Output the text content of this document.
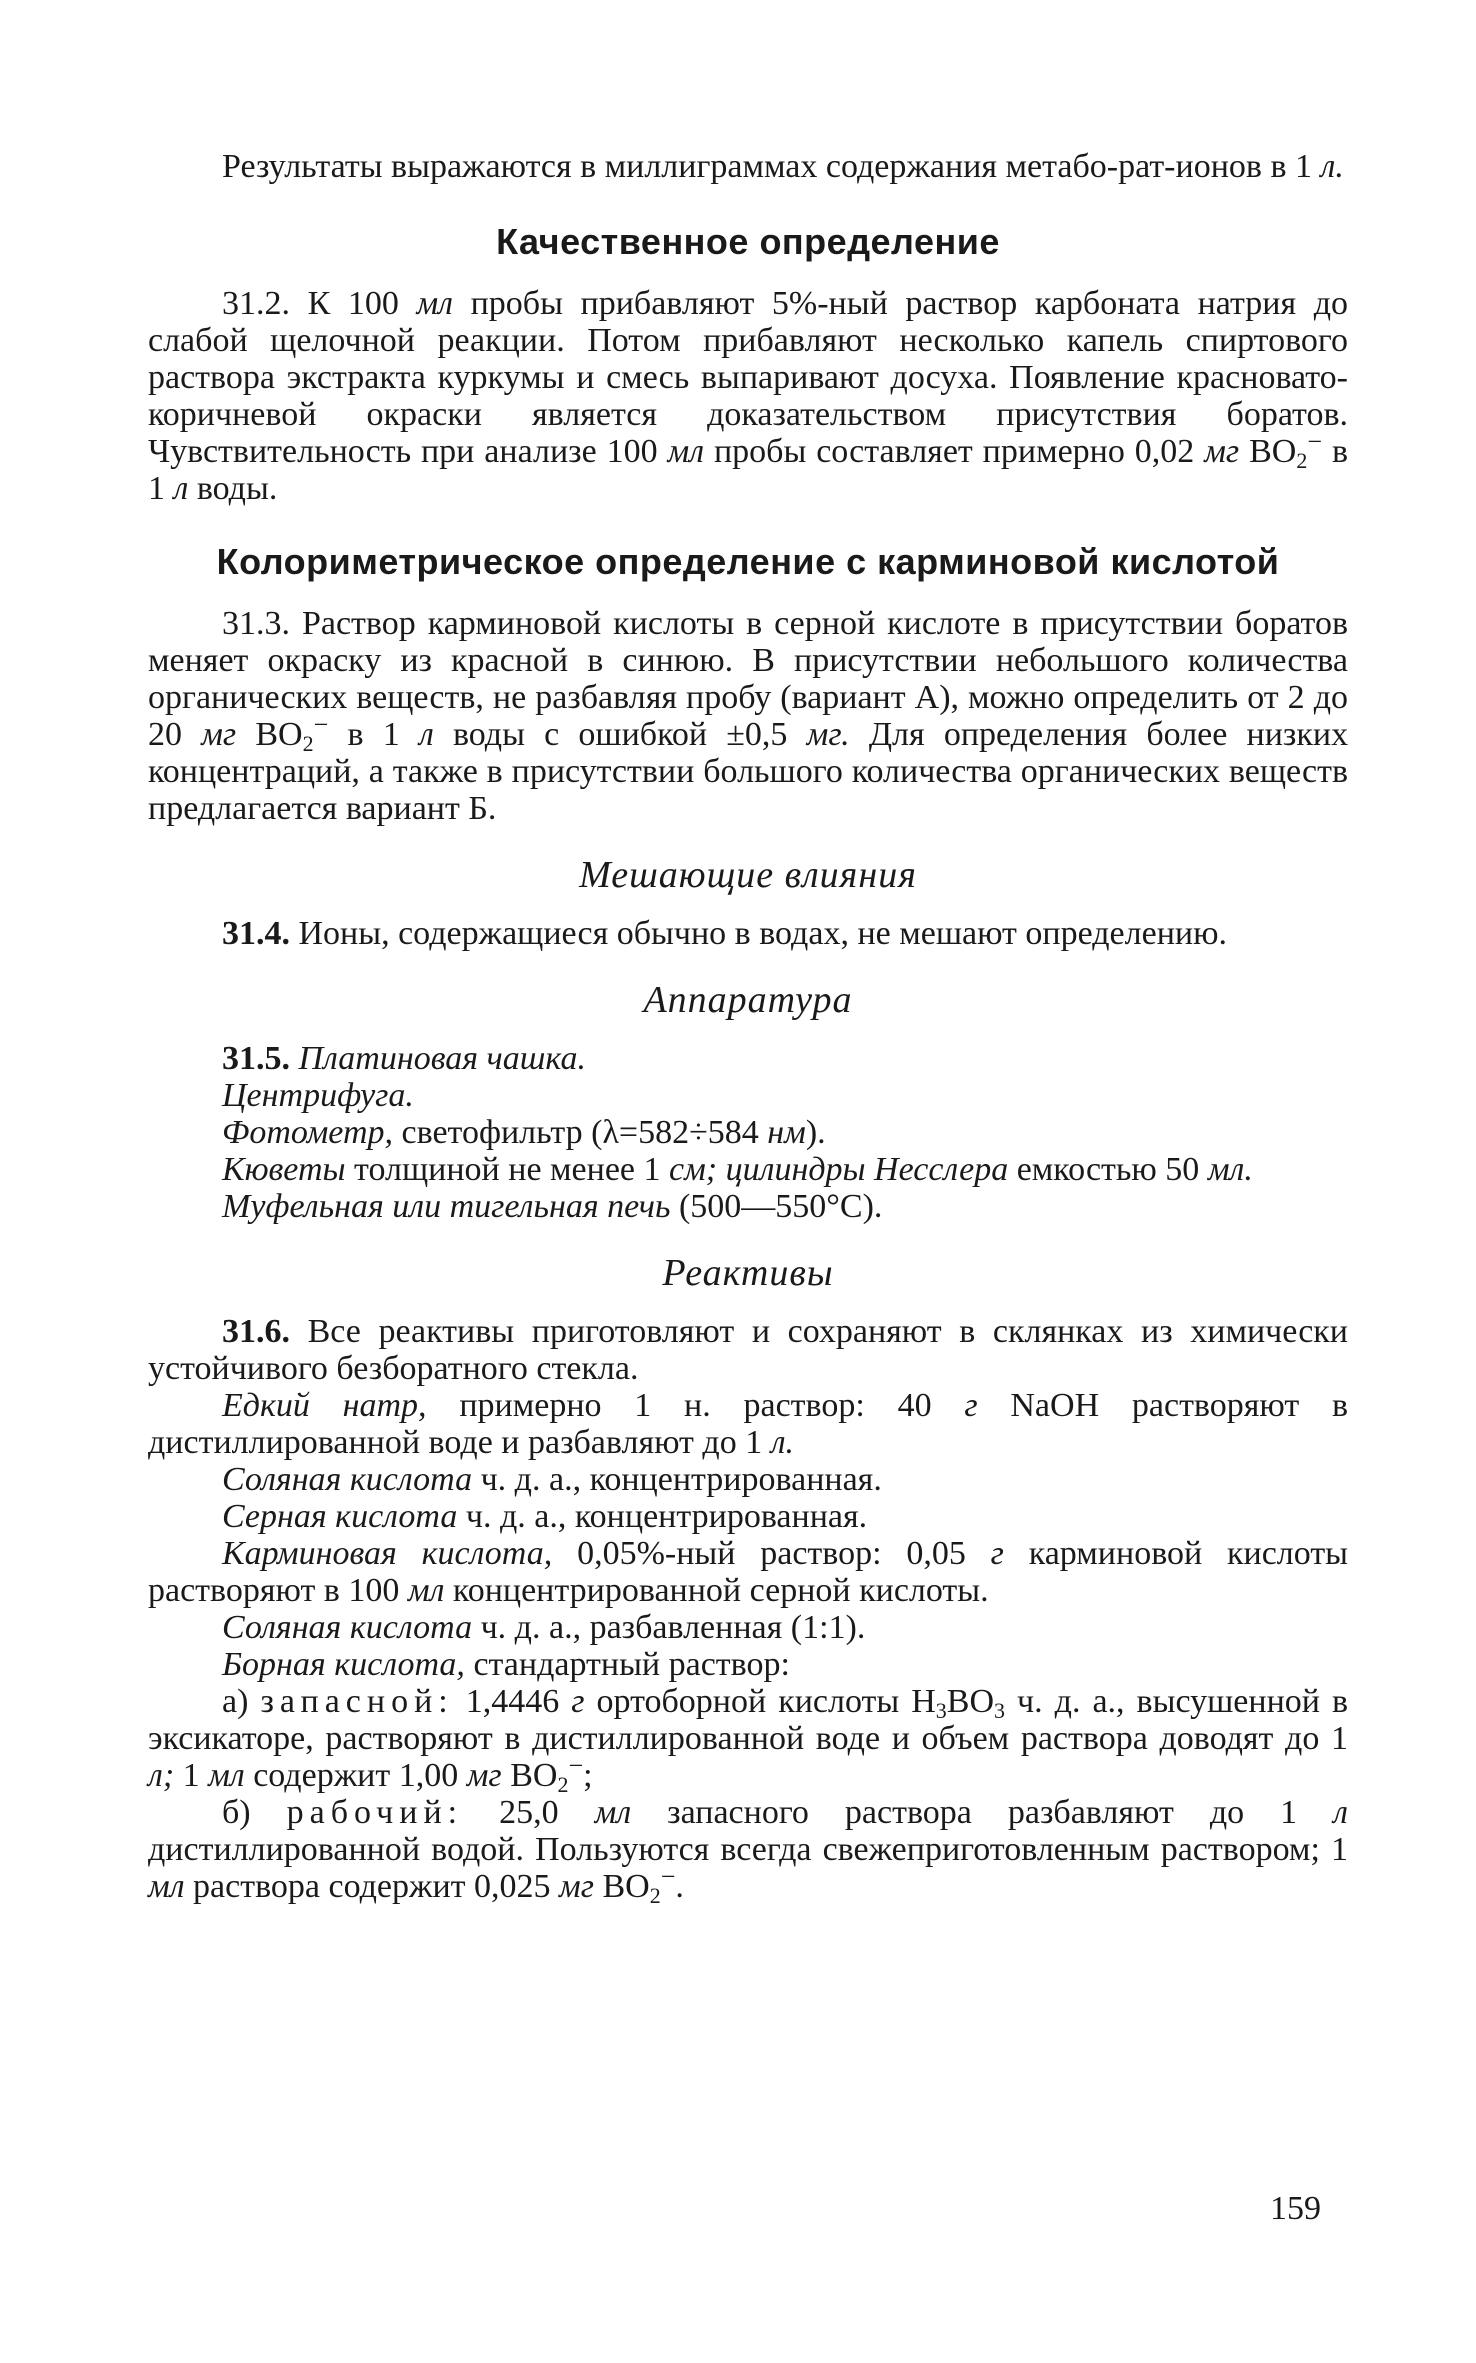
Результаты выражаются в миллиграммах содержания метабо-рат-ионов в 1 л.

Качественное определение

31.2. К 100 мл пробы прибавляют 5%-ный раствор карбоната натрия до слабой щелочной реакции. Потом прибавляют несколько капель спиртового раствора экстракта куркумы и смесь выпаривают досуха. Появление красновато-коричневой окраски является доказательством присутствия боратов. Чувствительность при анализе 100 мл пробы составляет примерно 0,02 мг $BO_2^-$ в 1 л воды.

Колориметрическое определение с карминовой кислотой

31.3. Раствор карминовой кислоты в серной кислоте в присутствии боратов меняет окраску из красной в синюю. В присутствии небольшого количества органических веществ, не разбавляя пробу (вариант А), можно определить от 2 до 20 мг $BO_2^-$ в 1 л воды с ошибкой ±0,5 мг. Для определения более низких концентраций, а также в присутствии большого количества органических веществ предлагается вариант Б.

Мешающие влияния

31.4. Ионы, содержащиеся обычно в водах, не мешают определению.

Аппаратура

31.5. Платиновая чашка.

Центрифуга.

Фотометр, светофильтр (λ=582÷584 нм).

Кюветы толщиной не менее 1 см; цилиндры Несслера емкостью 50 мл.

Муфельная или тигельная печь (500—550°C).

Реактивы

31.6. Все реактивы приготовляют и сохраняют в склянках из химически устойчивого безборатного стекла.

Едкий натр, примерно 1 н. раствор: 40 г NaOH растворяют в дистиллированной воде и разбавляют до 1 л.

Соляная кислота ч. д. а., концентрированная.

Серная кислота ч. д. а., концентрированная.

Карминовая кислота, 0,05%-ный раствор: 0,05 г карминовой кислоты растворяют в 100 мл концентрированной серной кислоты.

Соляная кислота ч. д. а., разбавленная (1:1).

Борная кислота, стандартный раствор:

а) запасной: 1,4446 г ортоборной кислоты $H_3BO_3$ ч. д. а., высушенной в эксикаторе, растворяют в дистиллированной воде и объем раствора доводят до 1 л; 1 мл содержит 1,00 мг $BO_2^-$;

б) рабочий: 25,0 мл запасного раствора разбавляют до 1 л дистиллированной водой. Пользуются всегда свежеприготовленным раствором; 1 мл раствора содержит 0,025 мг $BO_2^-$.

159
